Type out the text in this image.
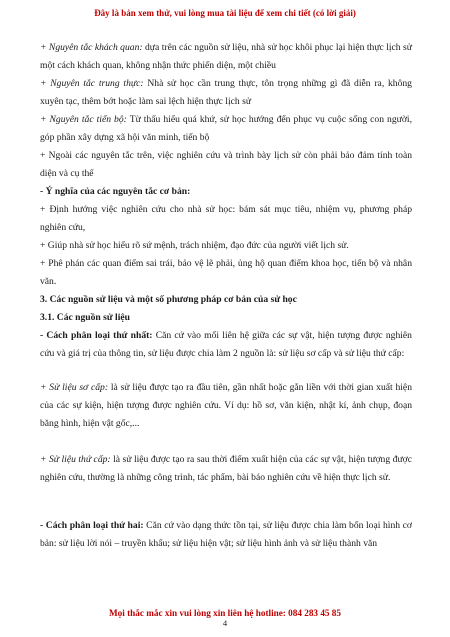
Đây là bản xem thử, vui lòng mua tài liệu để xem chi tiết (có lời giải)
+ Nguyên tắc khách quan: dựa trên các nguồn sử liệu, nhà sử học khôi phục lại hiện thực lịch sử một cách khách quan, không nhận thức phiến diện, một chiều
+ Nguyên tắc trung thực: Nhà sử học cần trung thực, tôn trọng những gì đã diễn ra, không xuyên tạc, thêm bớt hoặc làm sai lệch hiện thực lịch sử
+ Nguyên tắc tiến bộ: Từ thấu hiểu quá khứ, sử học hướng đến phục vụ cuộc sống con người, góp phần xây dựng xã hội văn minh, tiến bộ
+ Ngoài các nguyên tắc trên, việc nghiên cứu và trình bày lịch sử còn phải bảo đảm tính toàn diện và cụ thể
- Ý nghĩa của các nguyên tắc cơ bản:
+ Định hướng việc nghiên cứu cho nhà sử học: bám sát mục tiêu, nhiệm vụ, phương pháp nghiên cứu,
+ Giúp nhà sử học hiểu rõ sứ mệnh, trách nhiệm, đạo đức của người viết lịch sử.
+ Phê phán các quan điểm sai trái, bảo vệ lẽ phải, ủng hộ quan điểm khoa học, tiến bộ và nhân văn.
3. Các nguồn sử liệu và một số phương pháp cơ bản của sử học
3.1. Các nguồn sử liệu
- Cách phân loại thứ nhất: Căn cứ vào mối liên hệ giữa các sự vật, hiện tượng được nghiên cứu và giá trị của thông tin, sử liệu được chia làm 2 nguồn là: sử liệu sơ cấp và sử liệu thứ cấp:
+ Sử liệu sơ cấp: là sử liệu được tạo ra đầu tiên, gần nhất hoặc gắn liền với thời gian xuất hiện của các sự kiện, hiện tượng được nghiên cứu. Ví dụ: hồ sơ, văn kiện, nhật kí, ảnh chụp, đoạn băng hình, hiện vật gốc,...
+ Sử liệu thứ cấp: là sử liệu được tạo ra sau thời điểm xuất hiện của các sự vật, hiện tượng được nghiên cứu, thường là những công trình, tác phẩm, bài báo nghiên cứu về hiện thực lịch sử.
- Cách phân loại thứ hai: Căn cứ vào dạng thức tồn tại, sử liệu được chia làm bốn loại hình cơ bản: sử liệu lời nói – truyền khẩu; sử liệu hiện vật; sử liệu hình ảnh và sử liệu thành văn
Mọi thắc mắc xin vui lòng xin liên hệ hotline: 084 283 45 85
4
